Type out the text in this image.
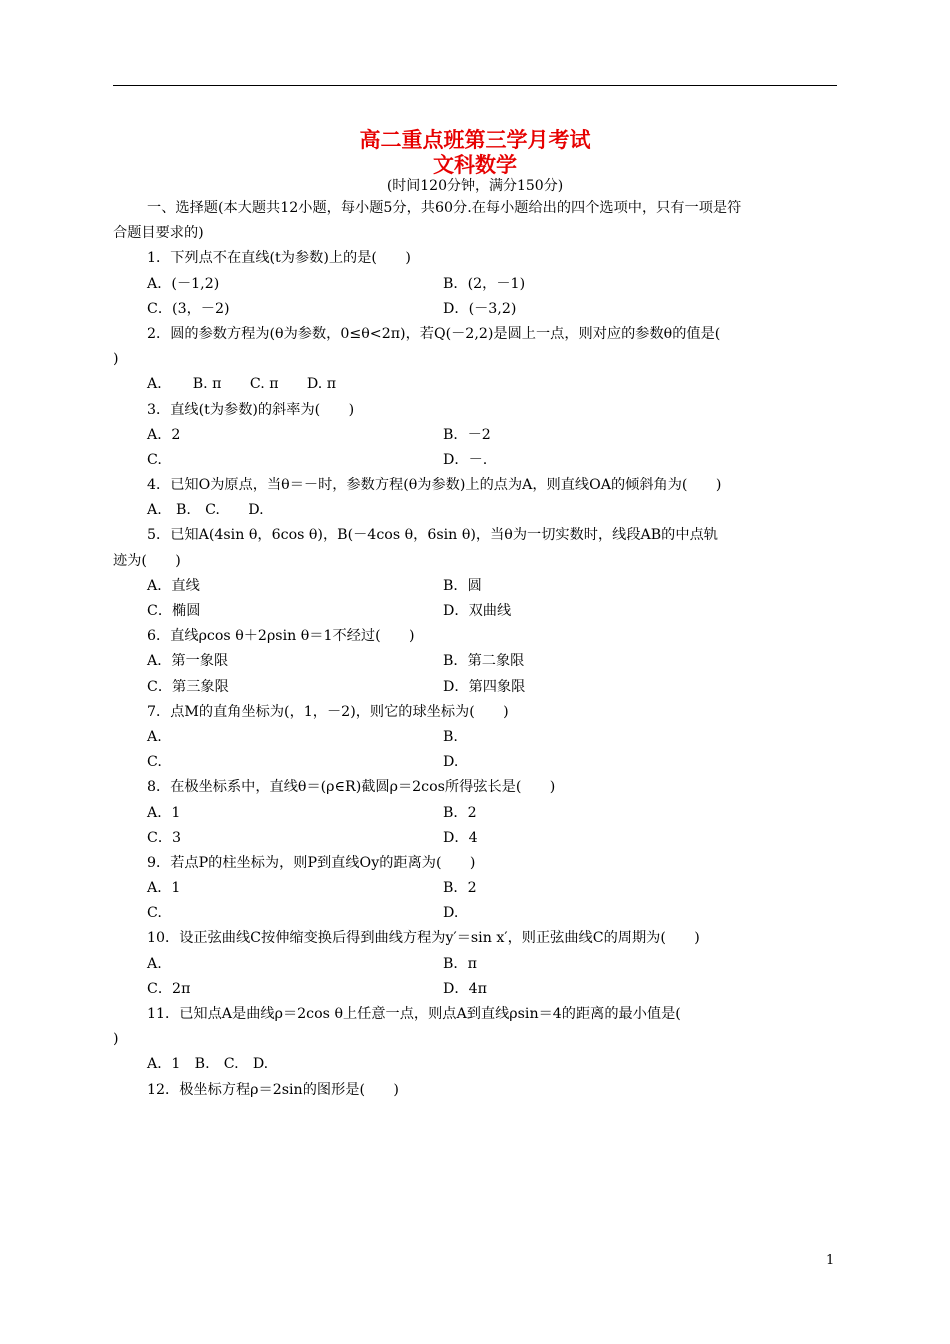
高二重点班第三学月考试
文科数学
(时间120分钟，满分150分)
一、选择题(本大题共12小题，每小题5分，共60分.在每小题给出的四个选项中，只有一项是符
合题目要求的)
1．下列点不在直线(t为参数)上的是(　　)
A．(－1,2)	B．(2，－1)
C．(3，－2)	D．(－3,2)
2．圆的参数方程为(θ为参数，0≤θ<2π)，若Q(－2,2)是圆上一点，则对应的参数θ的值是(
)
A．　　B. π　　C. π　　D. π
3．直线(t为参数)的斜率为(　　)
A．2	B．－2
C.	D．－.
4．已知O为原点，当θ＝－时，参数方程(θ为参数)上的点为A，则直线OA的倾斜角为(　　)
A.　B.　C.　　D.
5．已知A(4sin θ，6cos θ)，B(－4cos θ，6sin θ)，当θ为一切实数时，线段AB的中点轨
迹为(　　)
A．直线	B．圆
C．椭圆	D．双曲线
6．直线ρcos θ＋2ρsin θ＝1不经过(　　)
A．第一象限	B．第二象限
C．第三象限	D．第四象限
7．点M的直角坐标为(，1，－2)，则它的球坐标为(　　)
A.	B.
C.	D.
8．在极坐标系中，直线θ＝(ρ∈R)截圆ρ＝2cos所得弦长是(　　)
A．1	B．2
C．3	D．4
9．若点P的柱坐标为，则P到直线Oy的距离为(　　)
A．1	B．2
C.	D.
10．设正弦曲线C按伸缩变换后得到曲线方程为y′＝sin x′，则正弦曲线C的周期为(　　)
A.	B．π
C．2π	D．4π
11．已知点A是曲线ρ＝2cos θ上任意一点，则点A到直线ρsin＝4的距离的最小值是(
)
A．1　B.　C.　D.
12．极坐标方程ρ＝2sin的图形是(　　)
1
